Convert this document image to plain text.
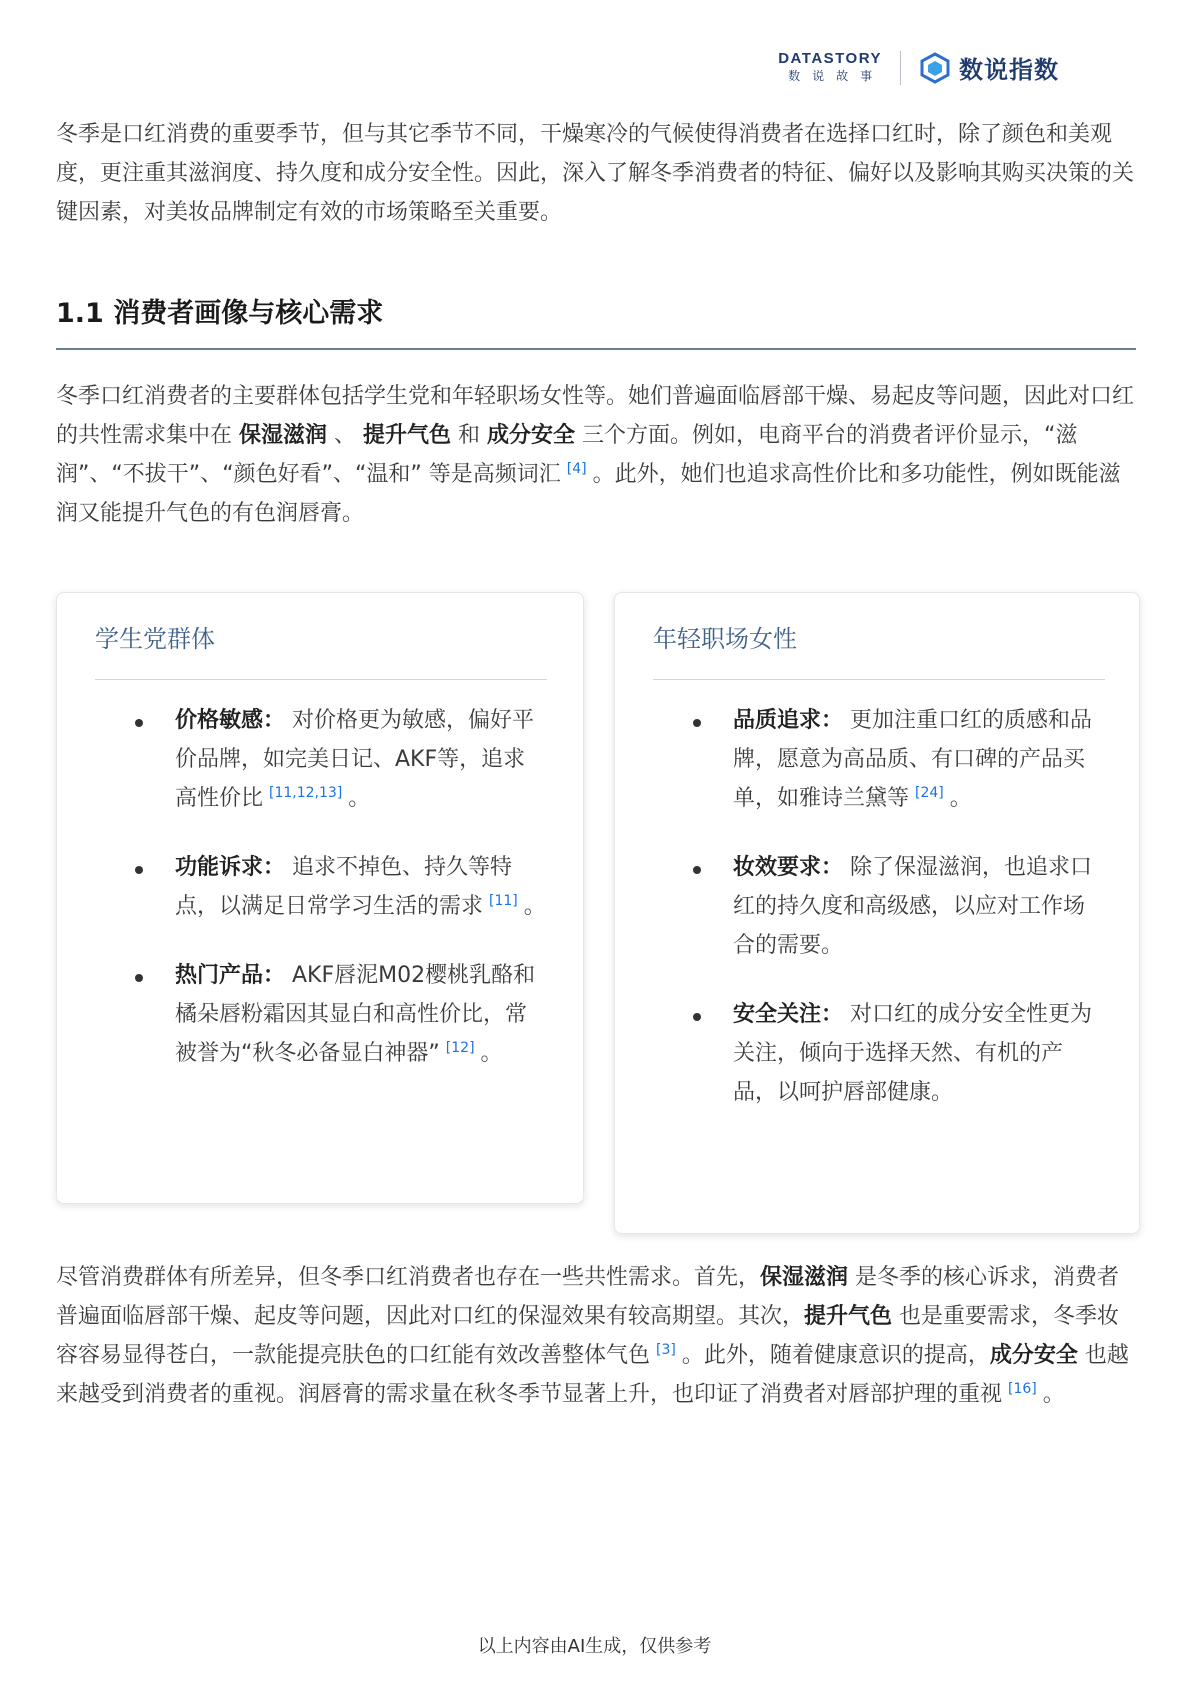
DATASTORY
数说故事	数说指数

冬季是口红消费的重要季节，但与其它季节不同，干燥寒冷的气候使得消费者在选择口红时，除了颜色和美观度，更注重其滋润度、持久度和成分安全性。因此，深入了解冬季消费者的特征、偏好以及影响其购买决策的关键因素，对美妆品牌制定有效的市场策略至关重要。

1.1 消费者画像与核心需求

冬季口红消费者的主要群体包括学生党和年轻职场女性等。她们普遍面临唇部干燥、易起皮等问题，因此对口红的共性需求集中在 保湿滋润 、 提升气色 和 成分安全 三个方面。例如，电商平台的消费者评价显示，“滋润”、“不拔干”、“颜色好看”、“温和” 等是高频词汇 [4] 。此外，她们也追求高性价比和多功能性，例如既能滋润又能提升气色的有色润唇膏。

学生党群体
价格敏感： 对价格更为敏感，偏好平价品牌，如完美日记、AKF等，追求高性价比 [11,12,13] 。
功能诉求： 追求不掉色、持久等特点，以满足日常学习生活的需求 [11] 。
热门产品： AKF唇泥M02樱桃乳酪和橘朵唇粉霜因其显白和高性价比，常被誉为“秋冬必备显白神器” [12] 。
年轻职场女性
品质追求： 更加注重口红的质感和品牌，愿意为高品质、有口碑的产品买单，如雅诗兰黛等 [24] 。
妆效要求： 除了保湿滋润，也追求口红的持久度和高级感，以应对工作场合的需要。
安全关注： 对口红的成分安全性更为关注，倾向于选择天然、有机的产品，以呵护唇部健康。

尽管消费群体有所差异，但冬季口红消费者也存在一些共性需求。首先，保湿滋润 是冬季的核心诉求，消费者普遍面临唇部干燥、起皮等问题，因此对口红的保湿效果有较高期望。其次，提升气色 也是重要需求，冬季妆容容易显得苍白，一款能提亮肤色的口红能有效改善整体气色 [3] 。此外，随着健康意识的提高，成分安全 也越来越受到消费者的重视。润唇膏的需求量在秋冬季节显著上升，也印证了消费者对唇部护理的重视 [16] 。

以上内容由AI生成，仅供参考
